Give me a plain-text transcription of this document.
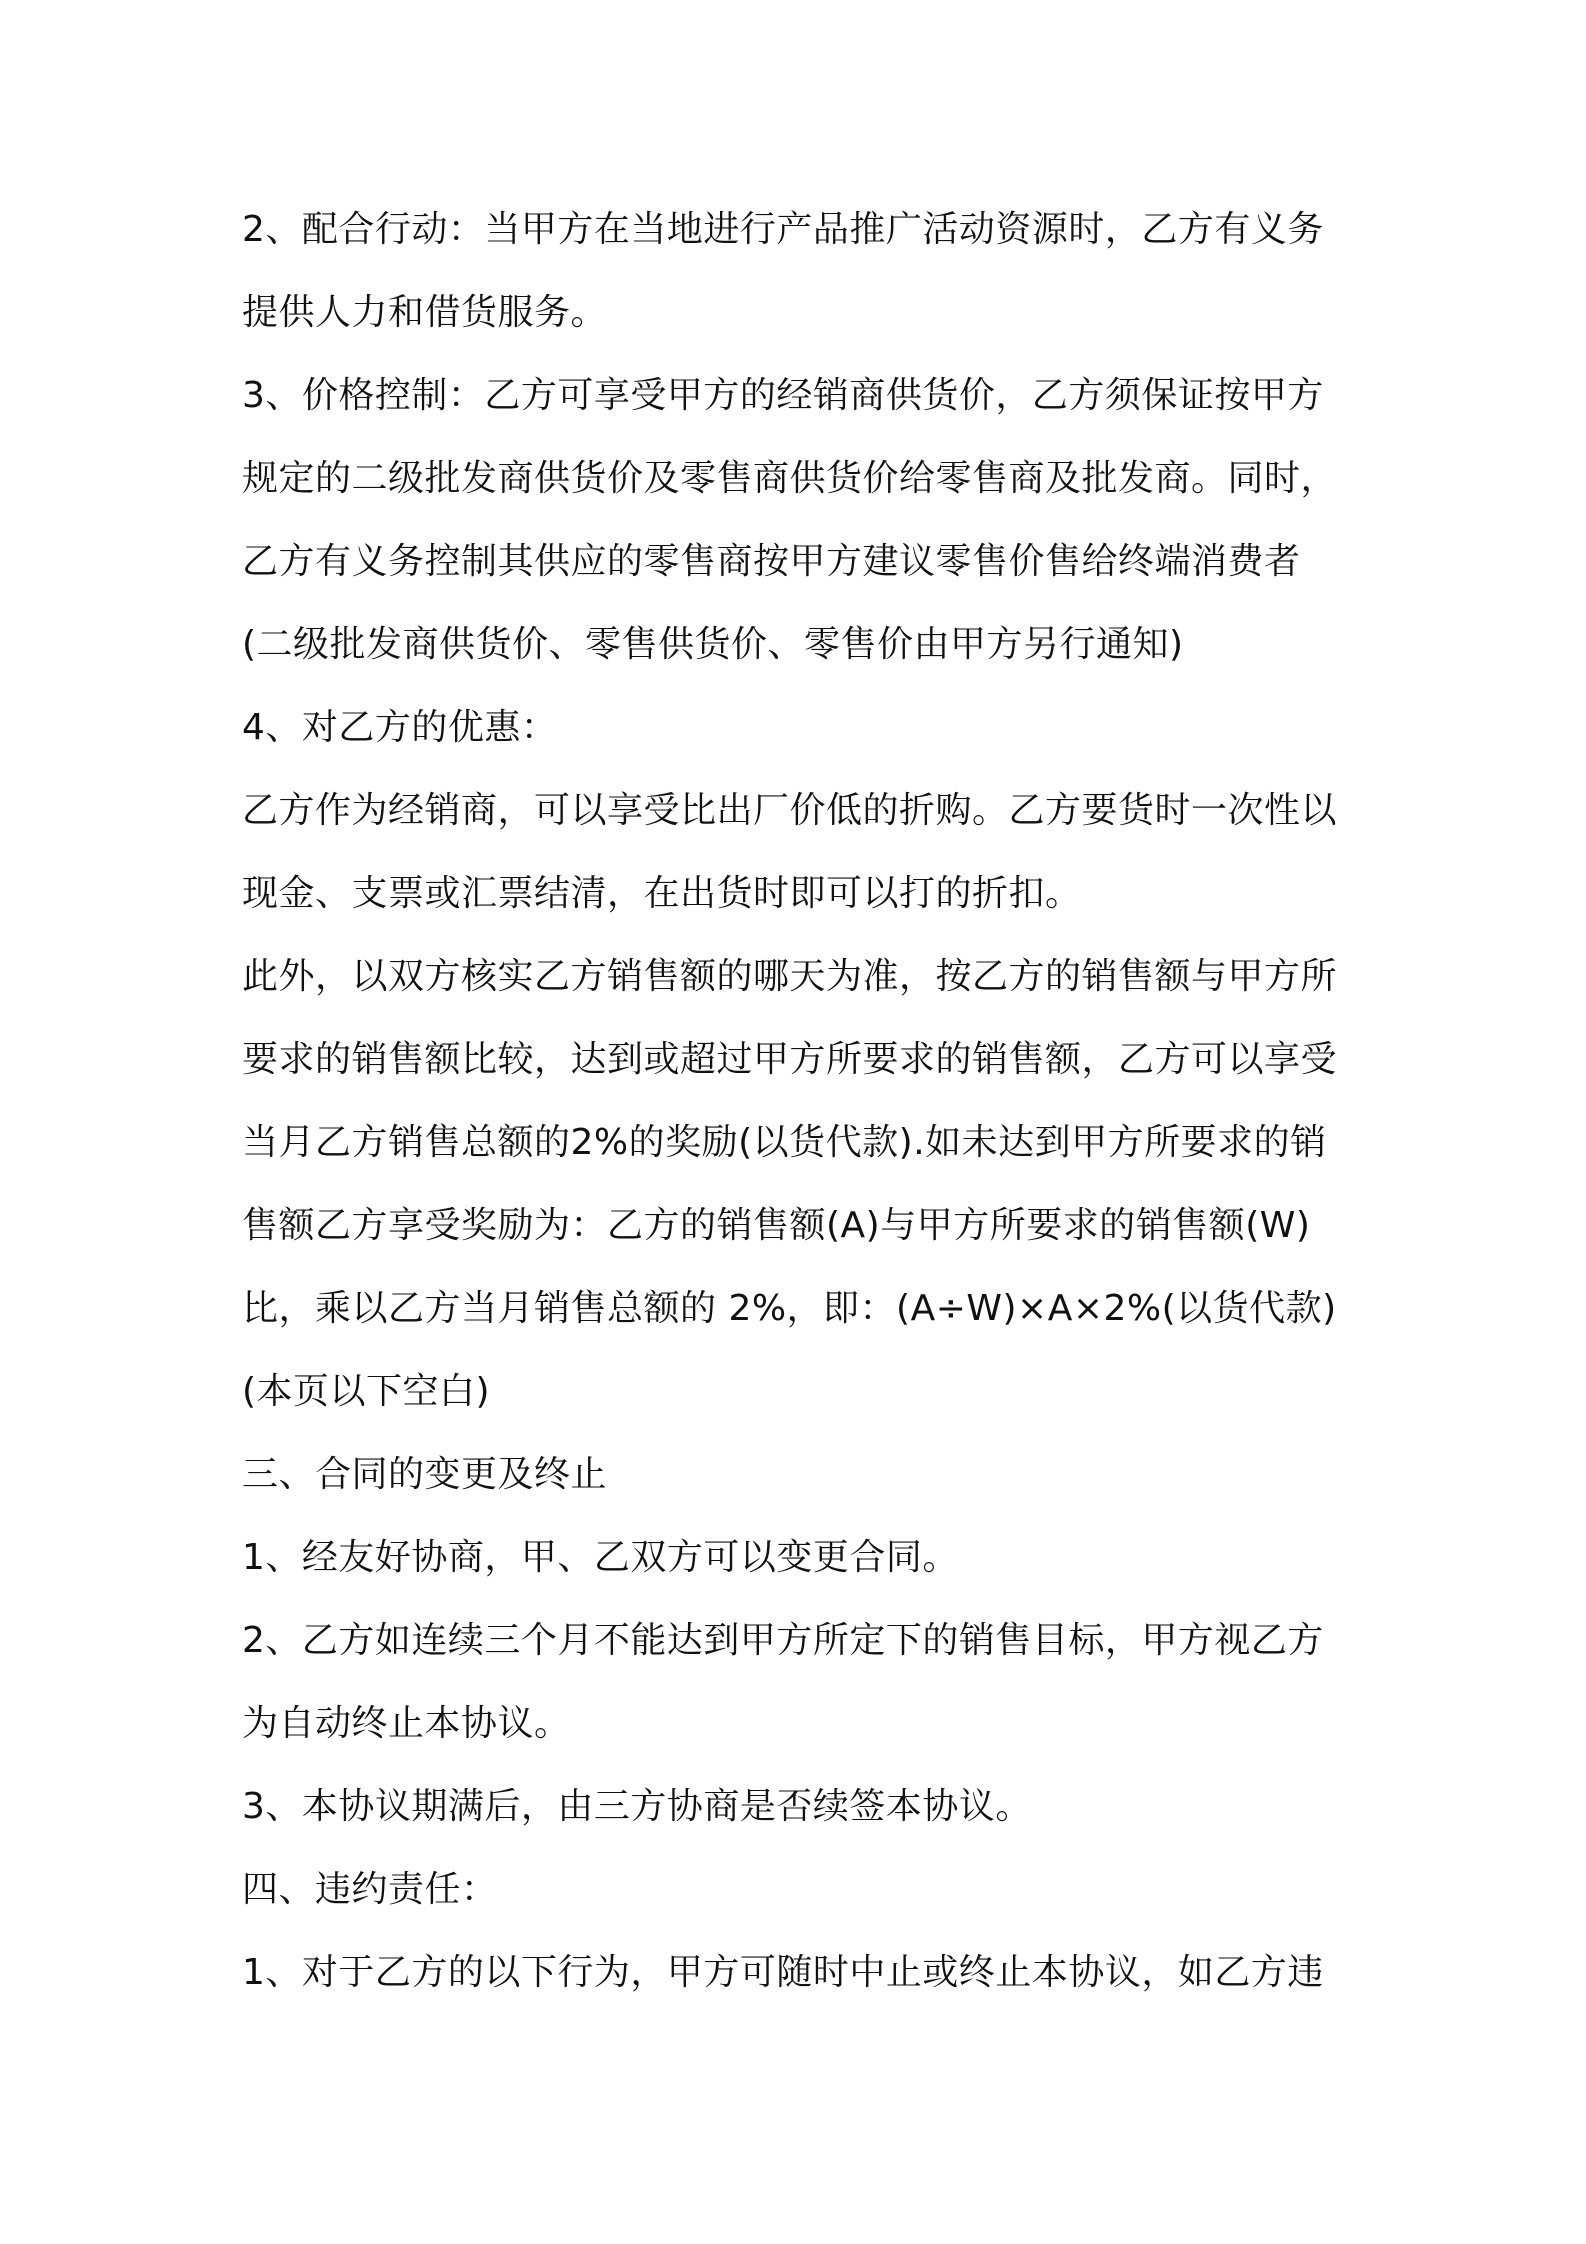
2、配合行动：当甲方在当地进行产品推广活动资源时，乙方有义务
提供人力和借货服务。
3、价格控制：乙方可享受甲方的经销商供货价，乙方须保证按甲方
规定的二级批发商供货价及零售商供货价给零售商及批发商。同时，
乙方有义务控制其供应的零售商按甲方建议零售价售给终端消费者
(二级批发商供货价、零售供货价、零售价由甲方另行通知)
4、对乙方的优惠：
乙方作为经销商，可以享受比出厂价低的折购。乙方要货时一次性以
现金、支票或汇票结清，在出货时即可以打的折扣。
此外，以双方核实乙方销售额的哪天为准，按乙方的销售额与甲方所
要求的销售额比较，达到或超过甲方所要求的销售额，乙方可以享受
当月乙方销售总额的2%的奖励(以货代款).如未达到甲方所要求的销
售额乙方享受奖励为：乙方的销售额(A)与甲方所要求的销售额(W)
比，乘以乙方当月销售总额的 2%，即：(A÷W)×A×2%(以货代款)
(本页以下空白)
三、合同的变更及终止
1、经友好协商，甲、乙双方可以变更合同。
2、乙方如连续三个月不能达到甲方所定下的销售目标，甲方视乙方
为自动终止本协议。
3、本协议期满后，由三方协商是否续签本协议。
四、违约责任：
1、对于乙方的以下行为，甲方可随时中止或终止本协议，如乙方违
